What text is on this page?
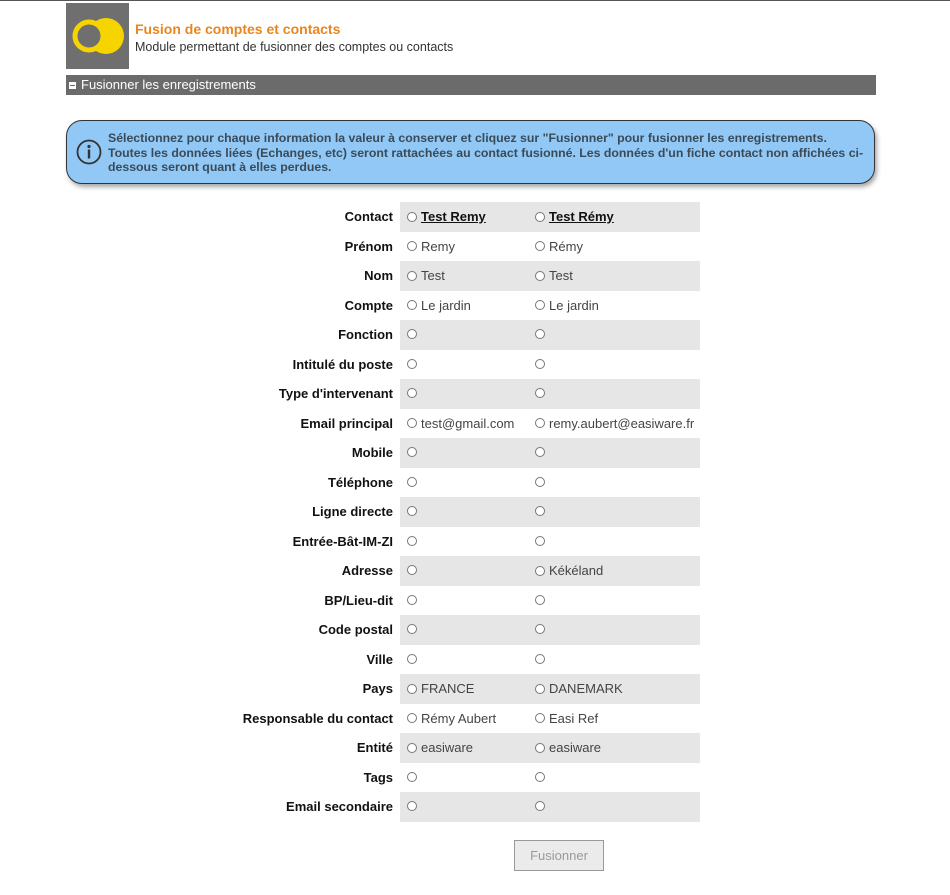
Fusion de comptes et contacts
Module permettant de fusionner des comptes ou contacts
Fusionner les enregistrements
Sélectionnez pour chaque information la valeur à conserver et cliquez sur "Fusionner" pour fusionner les enregistrements. Toutes les données liées (Echanges, etc) seront rattachées au contact fusionné. Les données d'un fiche contact non affichées ci-dessous seront quant à elles perdues.
Contact	Test Remy	Test Rémy

Prénom	Remy	Rémy

Nom	Test	Test

Compte	Le jardin	Le jardin

Fonction	

Intitulé du poste	

Type d'intervenant	

Email principal	test@gmail.com	remy.aubert@easiware.fr

Mobile	

Téléphone	

Ligne directe	

Entrée-Bât-IM-ZI	

Adresse		Kékéland

BP/Lieu-dit	

Code postal	

Ville	

Pays	FRANCE	DANEMARK

Responsable du contact	Rémy Aubert	Easi Ref

Entité	easiware	easiware

Tags	

Email secondaire	

Fusionner
